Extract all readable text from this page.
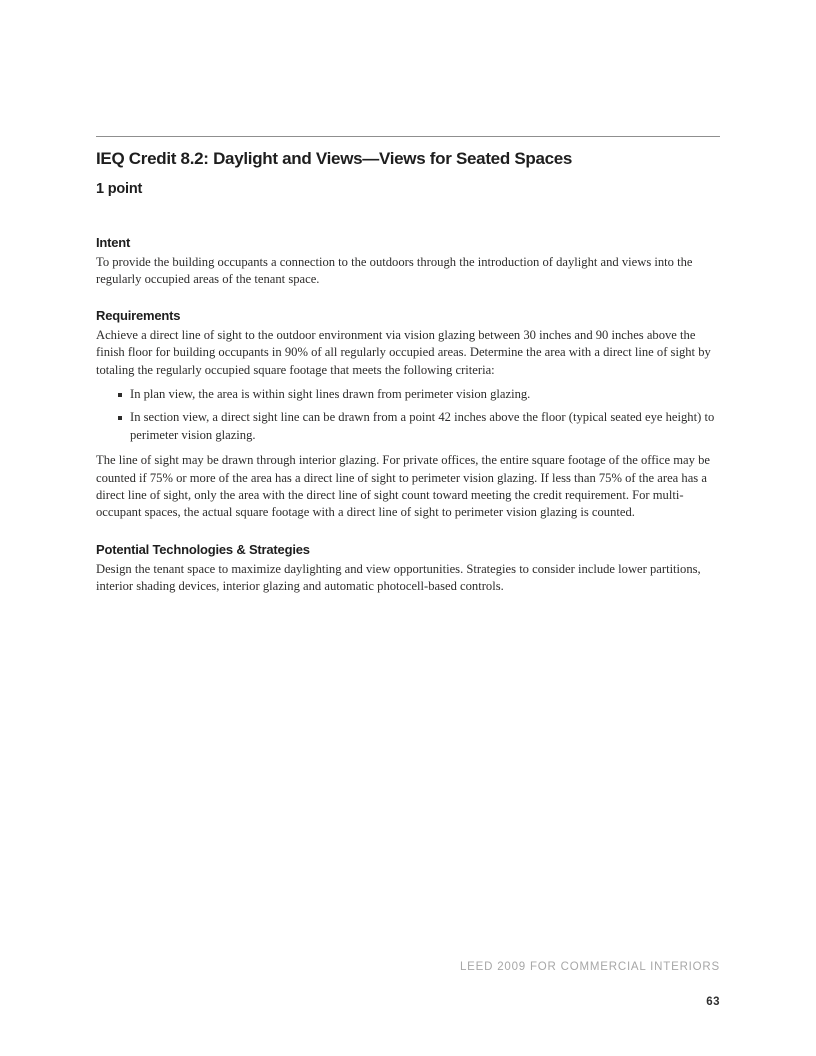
IEQ Credit 8.2: Daylight and Views—Views for Seated Spaces
1 point
Intent
To provide the building occupants a connection to the outdoors through the introduction of daylight and views into the regularly occupied areas of the tenant space.
Requirements
Achieve a direct line of sight to the outdoor environment via vision glazing between 30 inches and 90 inches above the finish floor for building occupants in 90% of all regularly occupied areas. Determine the area with a direct line of sight by totaling the regularly occupied square footage that meets the following criteria:
In plan view, the area is within sight lines drawn from perimeter vision glazing.
In section view, a direct sight line can be drawn from a point 42 inches above the floor (typical seated eye height) to perimeter vision glazing.
The line of sight may be drawn through interior glazing. For private offices, the entire square footage of the office may be counted if 75% or more of the area has a direct line of sight to perimeter vision glazing. If less than 75% of the area has a direct line of sight, only the area with the direct line of sight count toward meeting the credit requirement. For multi-occupant spaces, the actual square footage with a direct line of sight to perimeter vision glazing is counted.
Potential Technologies & Strategies
Design the tenant space to maximize daylighting and view opportunities. Strategies to consider include lower partitions, interior shading devices, interior glazing and automatic photocell-based controls.
LEED 2009 FOR COMMERCIAL INTERIORS
63
